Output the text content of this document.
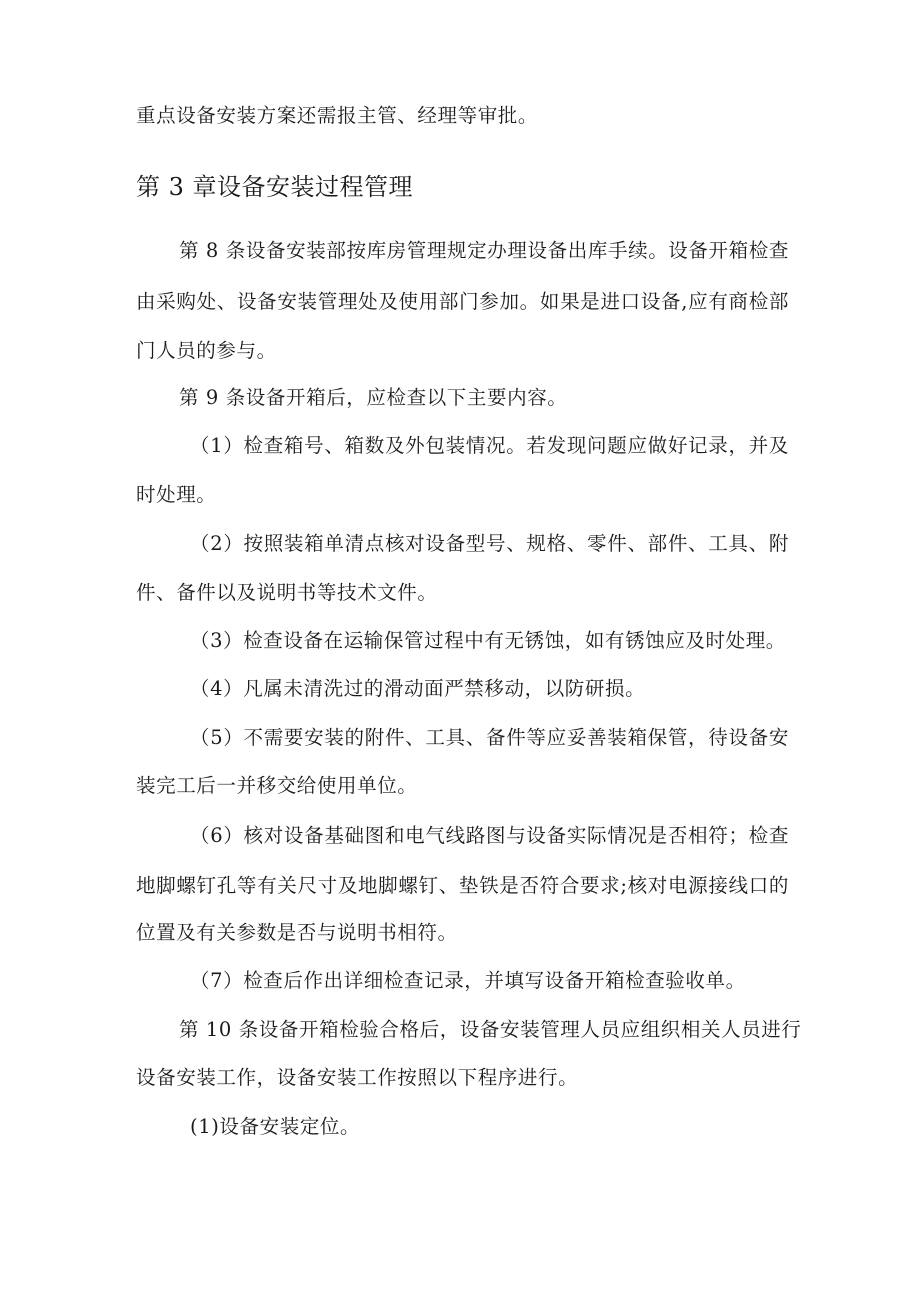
重点设备安装方案还需报主管、经理等审批。
第 3 章设备安装过程管理
第 8 条设备安装部按库房管理规定办理设备出库手续。设备开箱检查
由采购处、设备安装管理处及使用部门参加。如果是进口设备,应有商检部
门人员的参与。
第 9 条设备开箱后，应检查以下主要内容。
（1）检查箱号、箱数及外包装情况。若发现问题应做好记录，并及
时处理。
（2）按照装箱单清点核对设备型号、规格、零件、部件、工具、附
件、备件以及说明书等技术文件。
（3）检查设备在运输保管过程中有无锈蚀，如有锈蚀应及时处理。
（4）凡属未清洗过的滑动面严禁移动，以防研损。
（5）不需要安装的附件、工具、备件等应妥善装箱保管，待设备安
装完工后一并移交给使用单位。
（6）核对设备基础图和电气线路图与设备实际情况是否相符；检查
地脚螺钉孔等有关尺寸及地脚螺钉、垫铁是否符合要求;核对电源接线口的
位置及有关参数是否与说明书相符。
（7）检查后作出详细检查记录，并填写设备开箱检查验收单。
第 10 条设备开箱检验合格后，设备安装管理人员应组织相关人员进行
设备安装工作，设备安装工作按照以下程序进行。
(1)设备安装定位。
